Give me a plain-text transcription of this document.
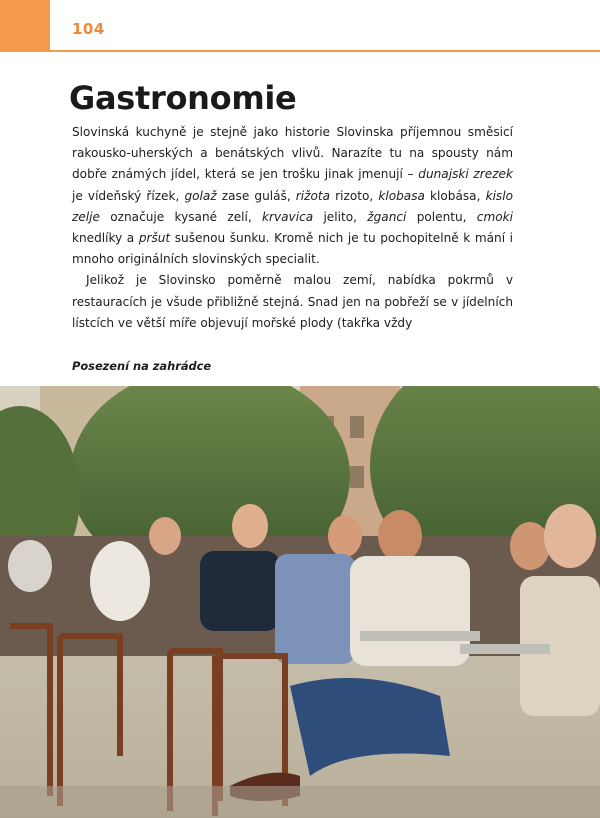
104
Gastronomie

Slovinská kuchyně je stejně jako historie Slovinska příjemnou směsicí rakousko-uherských a benátských vlivů. Narazíte tu na spousty nám dobře známých jídel, která se jen trošku jinak jmenují – dunajski zrezek je vídeňský řízek, golaž zase guláš, rižota rizoto, klobasa klobása, kislo zelje označuje kysané zelí, krvavica jelito, žganci polentu, cmoki knedlíky a pršut sušenou šunku. Kromě nich je tu pochopitelně k mání i mnoho originálních slovinských specialit.

Jelikož je Slovinsko poměrně malou zemí, nabídka pokrmů v restauracích je všude přibližně stejná. Snad jen na pobřeží se v jídelních lístcích ve větší míře objevují mořské plody (takřka vždy

Posezení na zahrádce
